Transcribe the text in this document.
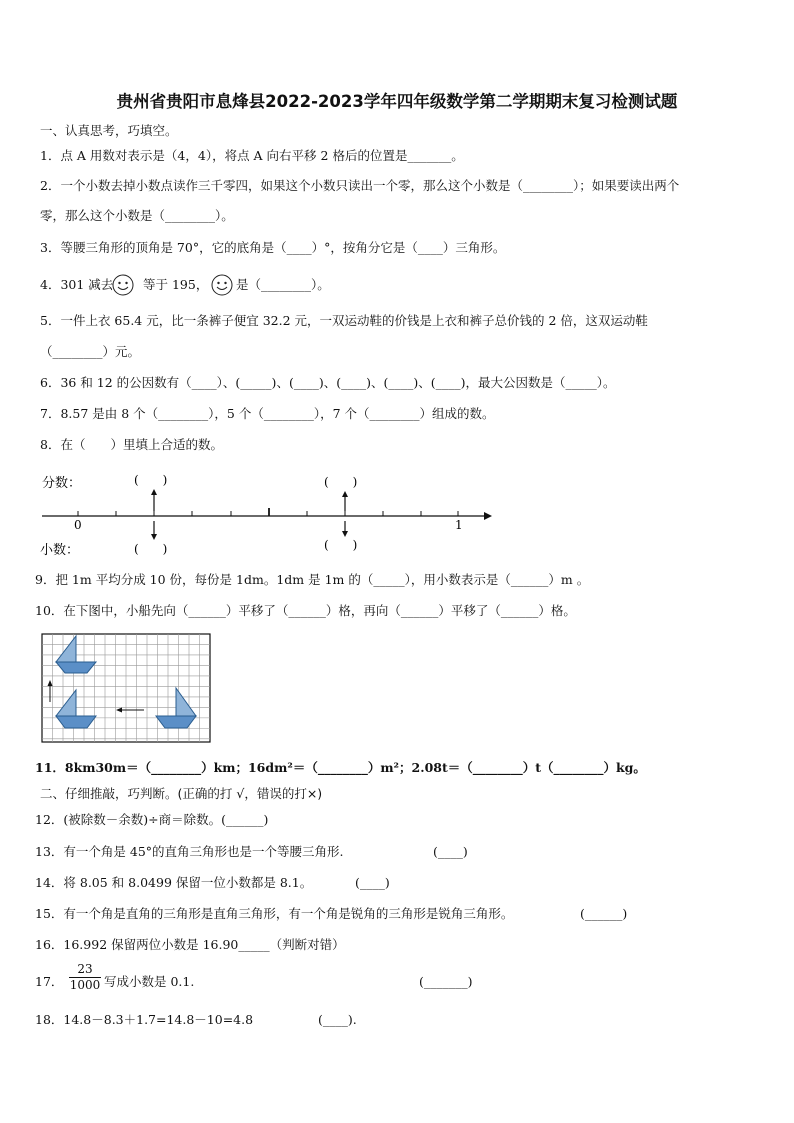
贵州省贵阳市息烽县2022-2023学年四年级数学第二学期期末复习检测试题
一、认真思考，巧填空。
1．点 A 用数对表示是（4，4），将点 A 向右平移 2 格后的位置是_______。
2．一个小数去掉小数点读作三千零四，如果这个小数只读出一个零，那么这个小数是（________）；如果要读出两个
零，那么这个小数是（________）。
3．等腰三角形的顶角是 70°，它的底角是（____）°，按角分它是（____）三角形。
4．301 减去 等于 195， 是（________）。
5．一件上衣 65.4 元，比一条裤子便宜 32.2 元，一双运动鞋的价钱是上衣和裤子总价钱的 2 倍，这双运动鞋
（________）元。
6．36 和 12 的公因数有（____）、(_____)、(____)、(____)、(____)、(____)，最大公因数是（_____）。
7．8.57 是由 8 个（________），5 个（________），7 个（________）组成的数。
8．在（　　）里填上合适的数。
分数：
小数：
0	1
(　　)
(　　)
(　　)
(　　)
9．把 1m 平均分成 10 份，每份是 1dm。1dm 是 1m 的（_____），用小数表示是（______）m 。
10．在下图中，小船先向（______）平移了（______）格，再向（______）平移了（______）格。
11．8km30m＝（________）km；16dm²＝（________）m²；2.08t＝（________）t（________）kg。
二、仔细推敲，巧判断。(正确的打 √，错误的打×)
12．(被除数－余数)÷商＝除数。(______)
13．有一个角是 45°的直角三角形也是一个等腰三角形.	(____)
14．将 8.05 和 8.0499 保留一位小数都是 8.1。	(____)
15．有一个角是直角的三角形是直角三角形，有一个角是锐角的三角形是锐角三角形。	(______)
16．16.992 保留两位小数是 16.90_____（判断对错）
17． $\frac{23}{1000}$ 写成小数是 0.1.	(_______)
18．14.8－8.3＋1.7=14.8－10=4.8	(____).
